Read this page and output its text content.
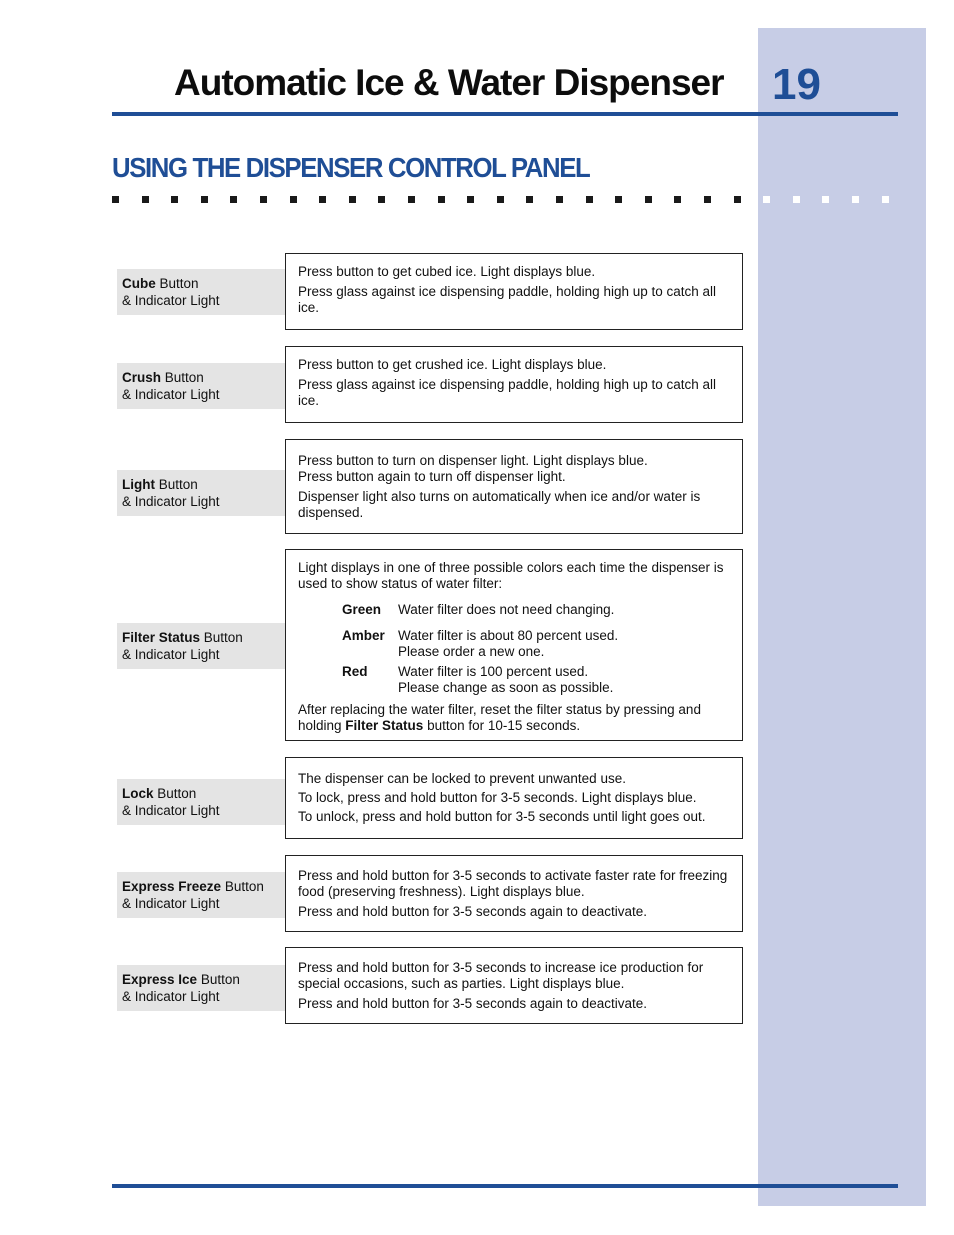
Automatic Ice & Water Dispenser 19
USING THE DISPENSER CONTROL PANEL
Cube Button
& Indicator Light

Press button to get cubed ice. Light displays blue.

Press glass against ice dispensing paddle, holding high up to catch all ice.

Crush Button
& Indicator Light

Press button to get crushed ice. Light displays blue.

Press glass against ice dispensing paddle, holding high up to catch all ice.

Light Button
& Indicator Light

Press button to turn on dispenser light. Light displays blue.

Press button again to turn off dispenser light.

Dispenser light also turns on automatically when ice and/or water is dispensed.

Filter Status Button
& Indicator Light

Light displays in one of three possible colors each time the dispenser is used to show status of water filter:

Green	Water filter does not need changing.
Amber Water filter is about 80 percent used.
Please order a new one.
Red	Water filter is 100 percent used.
Please change as soon as possible.

After replacing the water filter, reset the filter status by pressing and holding Filter Status button for 10-15 seconds.

Lock Button
& Indicator Light

The dispenser can be locked to prevent unwanted use.

To lock, press and hold button for 3-5 seconds. Light displays blue.

To unlock, press and hold button for 3-5 seconds until light goes out.

Express Freeze Button
& Indicator Light

Press and hold button for 3-5 seconds to activate faster rate for freezing food (preserving freshness). Light displays blue.

Press and hold button for 3-5 seconds again to deactivate.

Express Ice Button
& Indicator Light

Press and hold button for 3-5 seconds to increase ice production for special occasions, such as parties. Light displays blue.

Press and hold button for 3-5 seconds again to deactivate.
